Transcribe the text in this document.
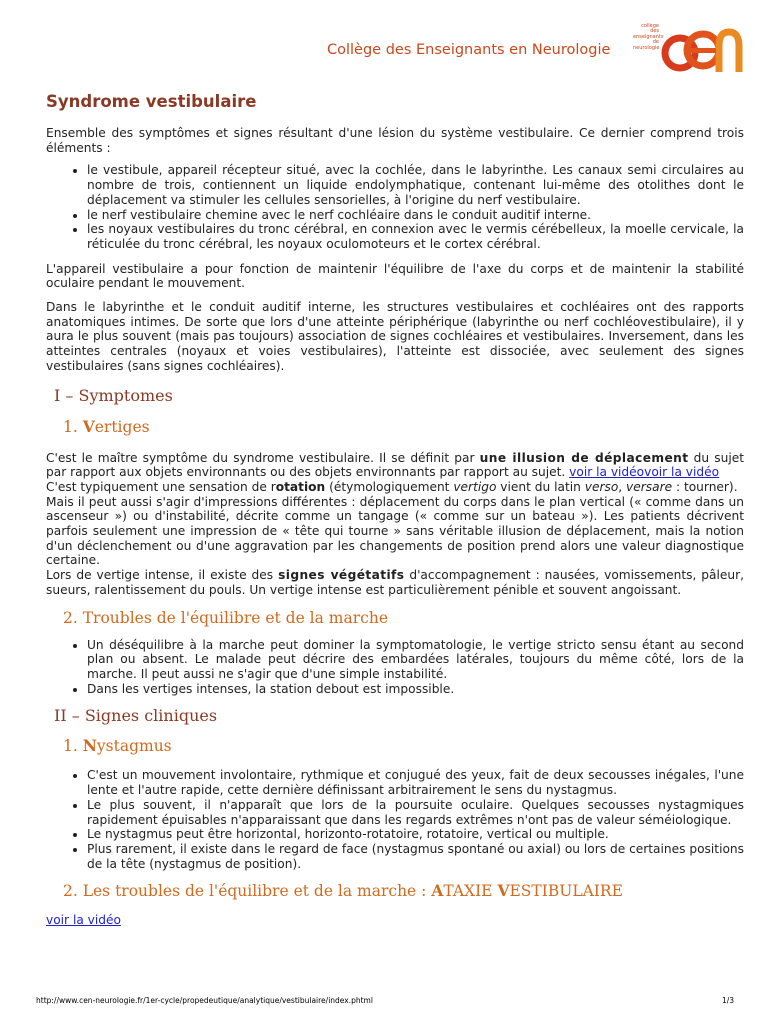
Collège des Enseignants en Neurologie
collège
des
enseignants
de
neurologie
Syndrome vestibulaire

Ensemble des symptômes et signes résultant d'une lésion du système vestibulaire. Ce dernier comprend trois éléments :

• le vestibule, appareil récepteur situé, avec la cochlée, dans le labyrinthe. Les canaux semi circulaires au nombre de trois, contiennent un liquide endolymphatique, contenant lui-même des otolithes dont le déplacement va stimuler les cellules sensorielles, à l'origine du nerf vestibulaire.
• le nerf vestibulaire chemine avec le nerf cochléaire dans le conduit auditif interne.
• les noyaux vestibulaires du tronc cérébral, en connexion avec le vermis cérébelleux, la moelle cervicale, la réticulée du tronc cérébral, les noyaux oculomoteurs et le cortex cérébral.

L'appareil vestibulaire a pour fonction de maintenir l'équilibre de l'axe du corps et de maintenir la stabilité oculaire pendant le mouvement.

Dans le labyrinthe et le conduit auditif interne, les structures vestibulaires et cochléaires ont des rapports anatomiques intimes. De sorte que lors d'une atteinte périphérique (labyrinthe ou nerf cochléovestibulaire), il y aura le plus souvent (mais pas toujours) association de signes cochléaires et vestibulaires. Inversement, dans les atteintes centrales (noyaux et voies vestibulaires), l'atteinte est dissociée, avec seulement des signes vestibulaires (sans signes cochléaires).

I – Symptomes
1. Vertiges

C'est le maître symptôme du syndrome vestibulaire. Il se définit par une illusion de déplacement du sujet par rapport aux objets environnants ou des objets environnants par rapport au sujet. voir la vidéovoir la vidéo
C'est typiquement une sensation de rotation (étymologiquement vertigo vient du latin verso, versare : tourner).
Mais il peut aussi s'agir d'impressions différentes : déplacement du corps dans le plan vertical (« comme dans un ascenseur ») ou d'instabilité, décrite comme un tangage (« comme sur un bateau »). Les patients décrivent parfois seulement une impression de « tête qui tourne » sans véritable illusion de déplacement, mais la notion d'un déclenchement ou d'une aggravation par les changements de position prend alors une valeur diagnostique certaine.
Lors de vertige intense, il existe des signes végétatifs d'accompagnement : nausées, vomissements, pâleur, sueurs, ralentissement du pouls. Un vertige intense est particulièrement pénible et souvent angoissant.

2. Troubles de l'équilibre et de la marche
• Un déséquilibre à la marche peut dominer la symptomatologie, le vertige stricto sensu étant au second plan ou absent. Le malade peut décrire des embardées latérales, toujours du même côté, lors de la marche. Il peut aussi ne s'agir que d'une simple instabilité.
• Dans les vertiges intenses, la station debout est impossible.
II – Signes cliniques
1. Nystagmus
• C'est un mouvement involontaire, rythmique et conjugué des yeux, fait de deux secousses inégales, l'une lente et l'autre rapide, cette dernière définissant arbitrairement le sens du nystagmus.
• Le plus souvent, il n'apparaît que lors de la poursuite oculaire. Quelques secousses nystagmiques rapidement épuisables n'apparaissant que dans les regards extrêmes n'ont pas de valeur séméiologique.
• Le nystagmus peut être horizontal, horizonto-rotatoire, rotatoire, vertical ou multiple.
• Plus rarement, il existe dans le regard de face (nystagmus spontané ou axial) ou lors de certaines positions de la tête (nystagmus de position).
2. Les troubles de l'équilibre et de la marche : ATAXIE VESTIBULAIRE

voir la vidéo

http://www.cen-neurologie.fr/1er-cycle/propedeutique/analytique/vestibulaire/index.phtml	1/3
